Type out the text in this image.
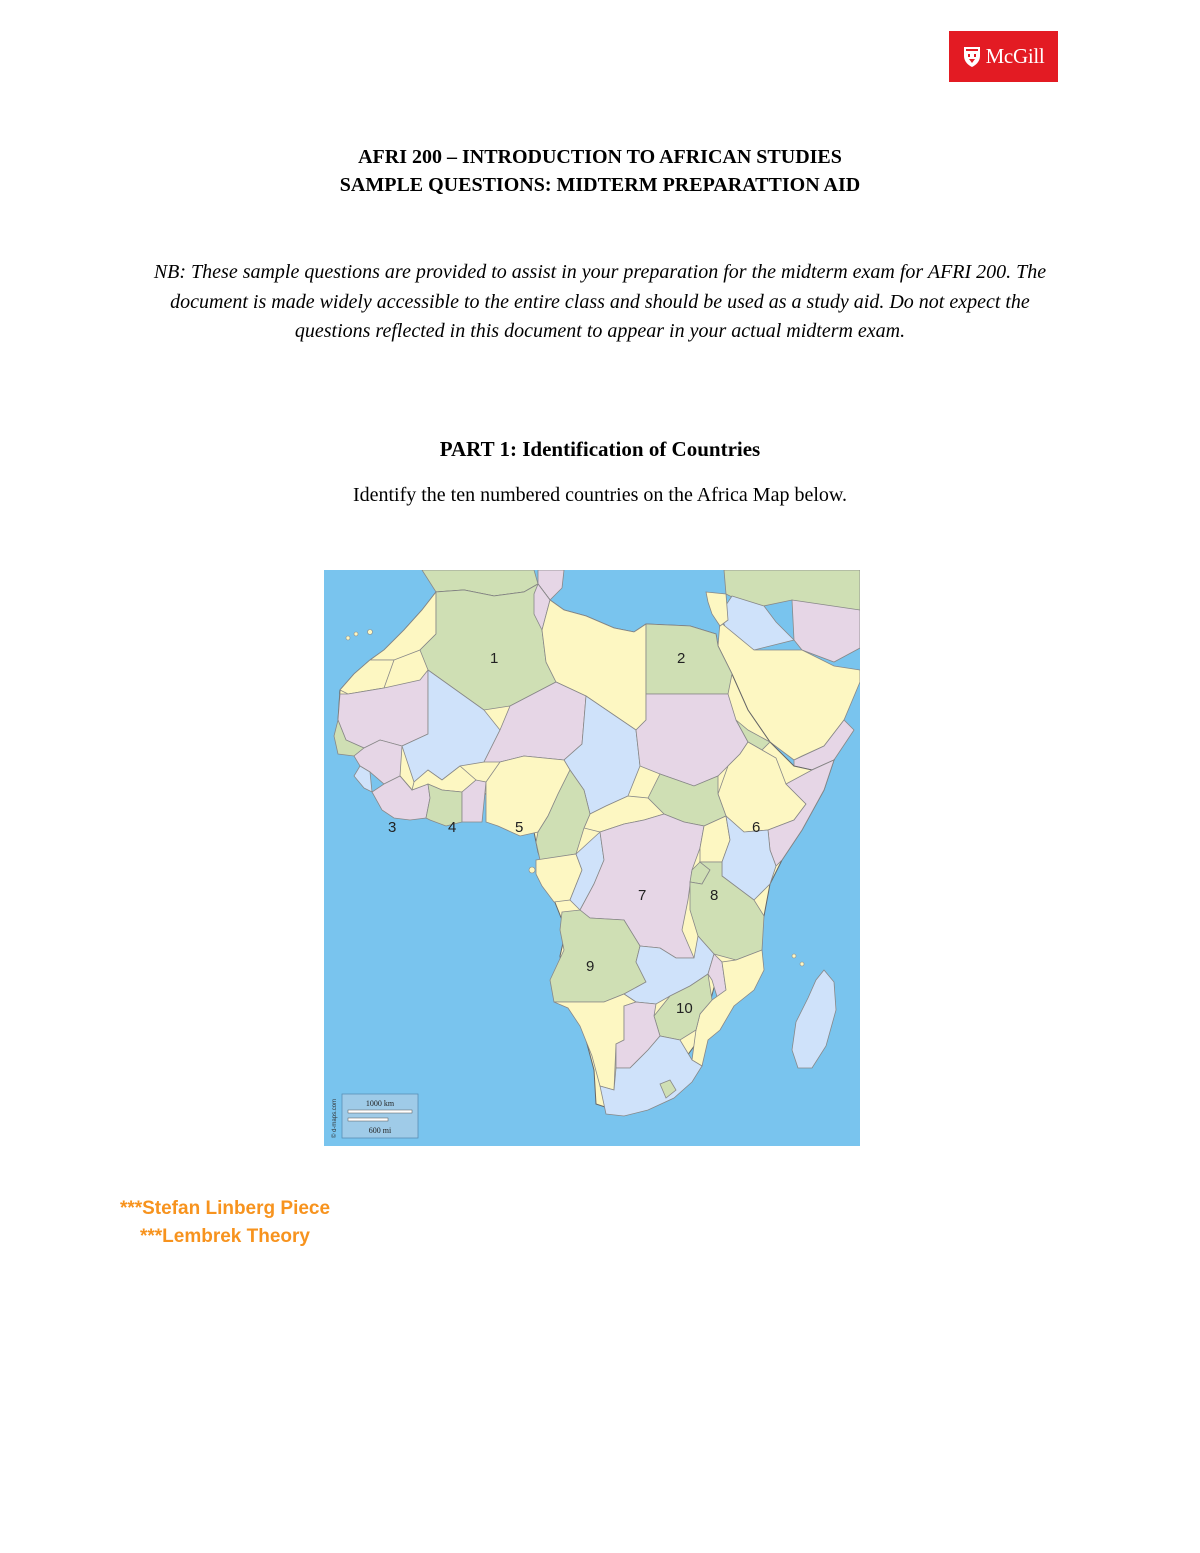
McGill
AFRI 200 – INTRODUCTION TO AFRICAN STUDIES
SAMPLE QUESTIONS: MIDTERM PREPARATTION AID
NB: These sample questions are provided to assist in your preparation for the midterm exam for AFRI 200. The document is made widely accessible to the entire class and should be used as a study aid. Do not expect the questions reflected in this document to appear in your actual midterm exam.
PART 1: Identification of Countries
Identify the ten numbered countries on the Africa Map below.
1	2
3	4	5	6
7	8
9
10
1000 km
600 mi
© d-maps.com
***Stefan Linberg Piece
***Lembrek Theory
